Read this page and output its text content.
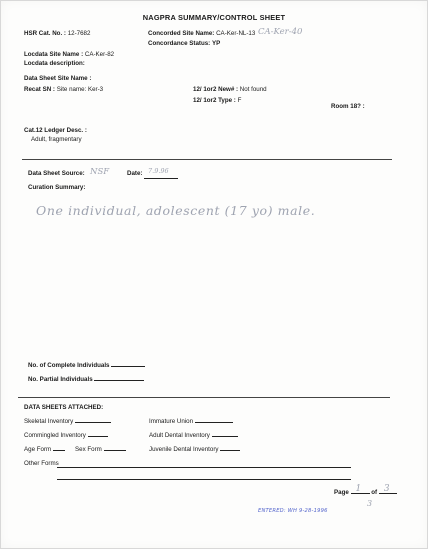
NAGPRA SUMMARY/CONTROL SHEET
HSR Cat. No. : 12-7682	Concorded Site Name: CA-Ker-NL-13 CA-Ker-40
Concordance Status: YP
Locdata Site Name : CA-Ker-82
Locdata description:
Data Sheet Site Name :
Recat SN : Site name: Ker-3	12/ 1or2 New# : Not found
12/ 1or2 Type : F
Room 18? :
Cat.12 Ledger Desc. :
Adult, fragmentary
Data Sheet Source: NSF	Date: 7.9.96
Curation Summary:
One individual, adolescent (17 yo) male.
No. of Complete Individuals
No. Partial Individuals
DATA SHEETS ATTACHED:
Skeletal Inventory	Immature Union
Commingled Inventory	Adult Dental Inventory
Age Form	Sex Form	Juvenile Dental Inventory
Other Forms
Page 1 of 3
3
ENTERED: WH 9-28-1996
